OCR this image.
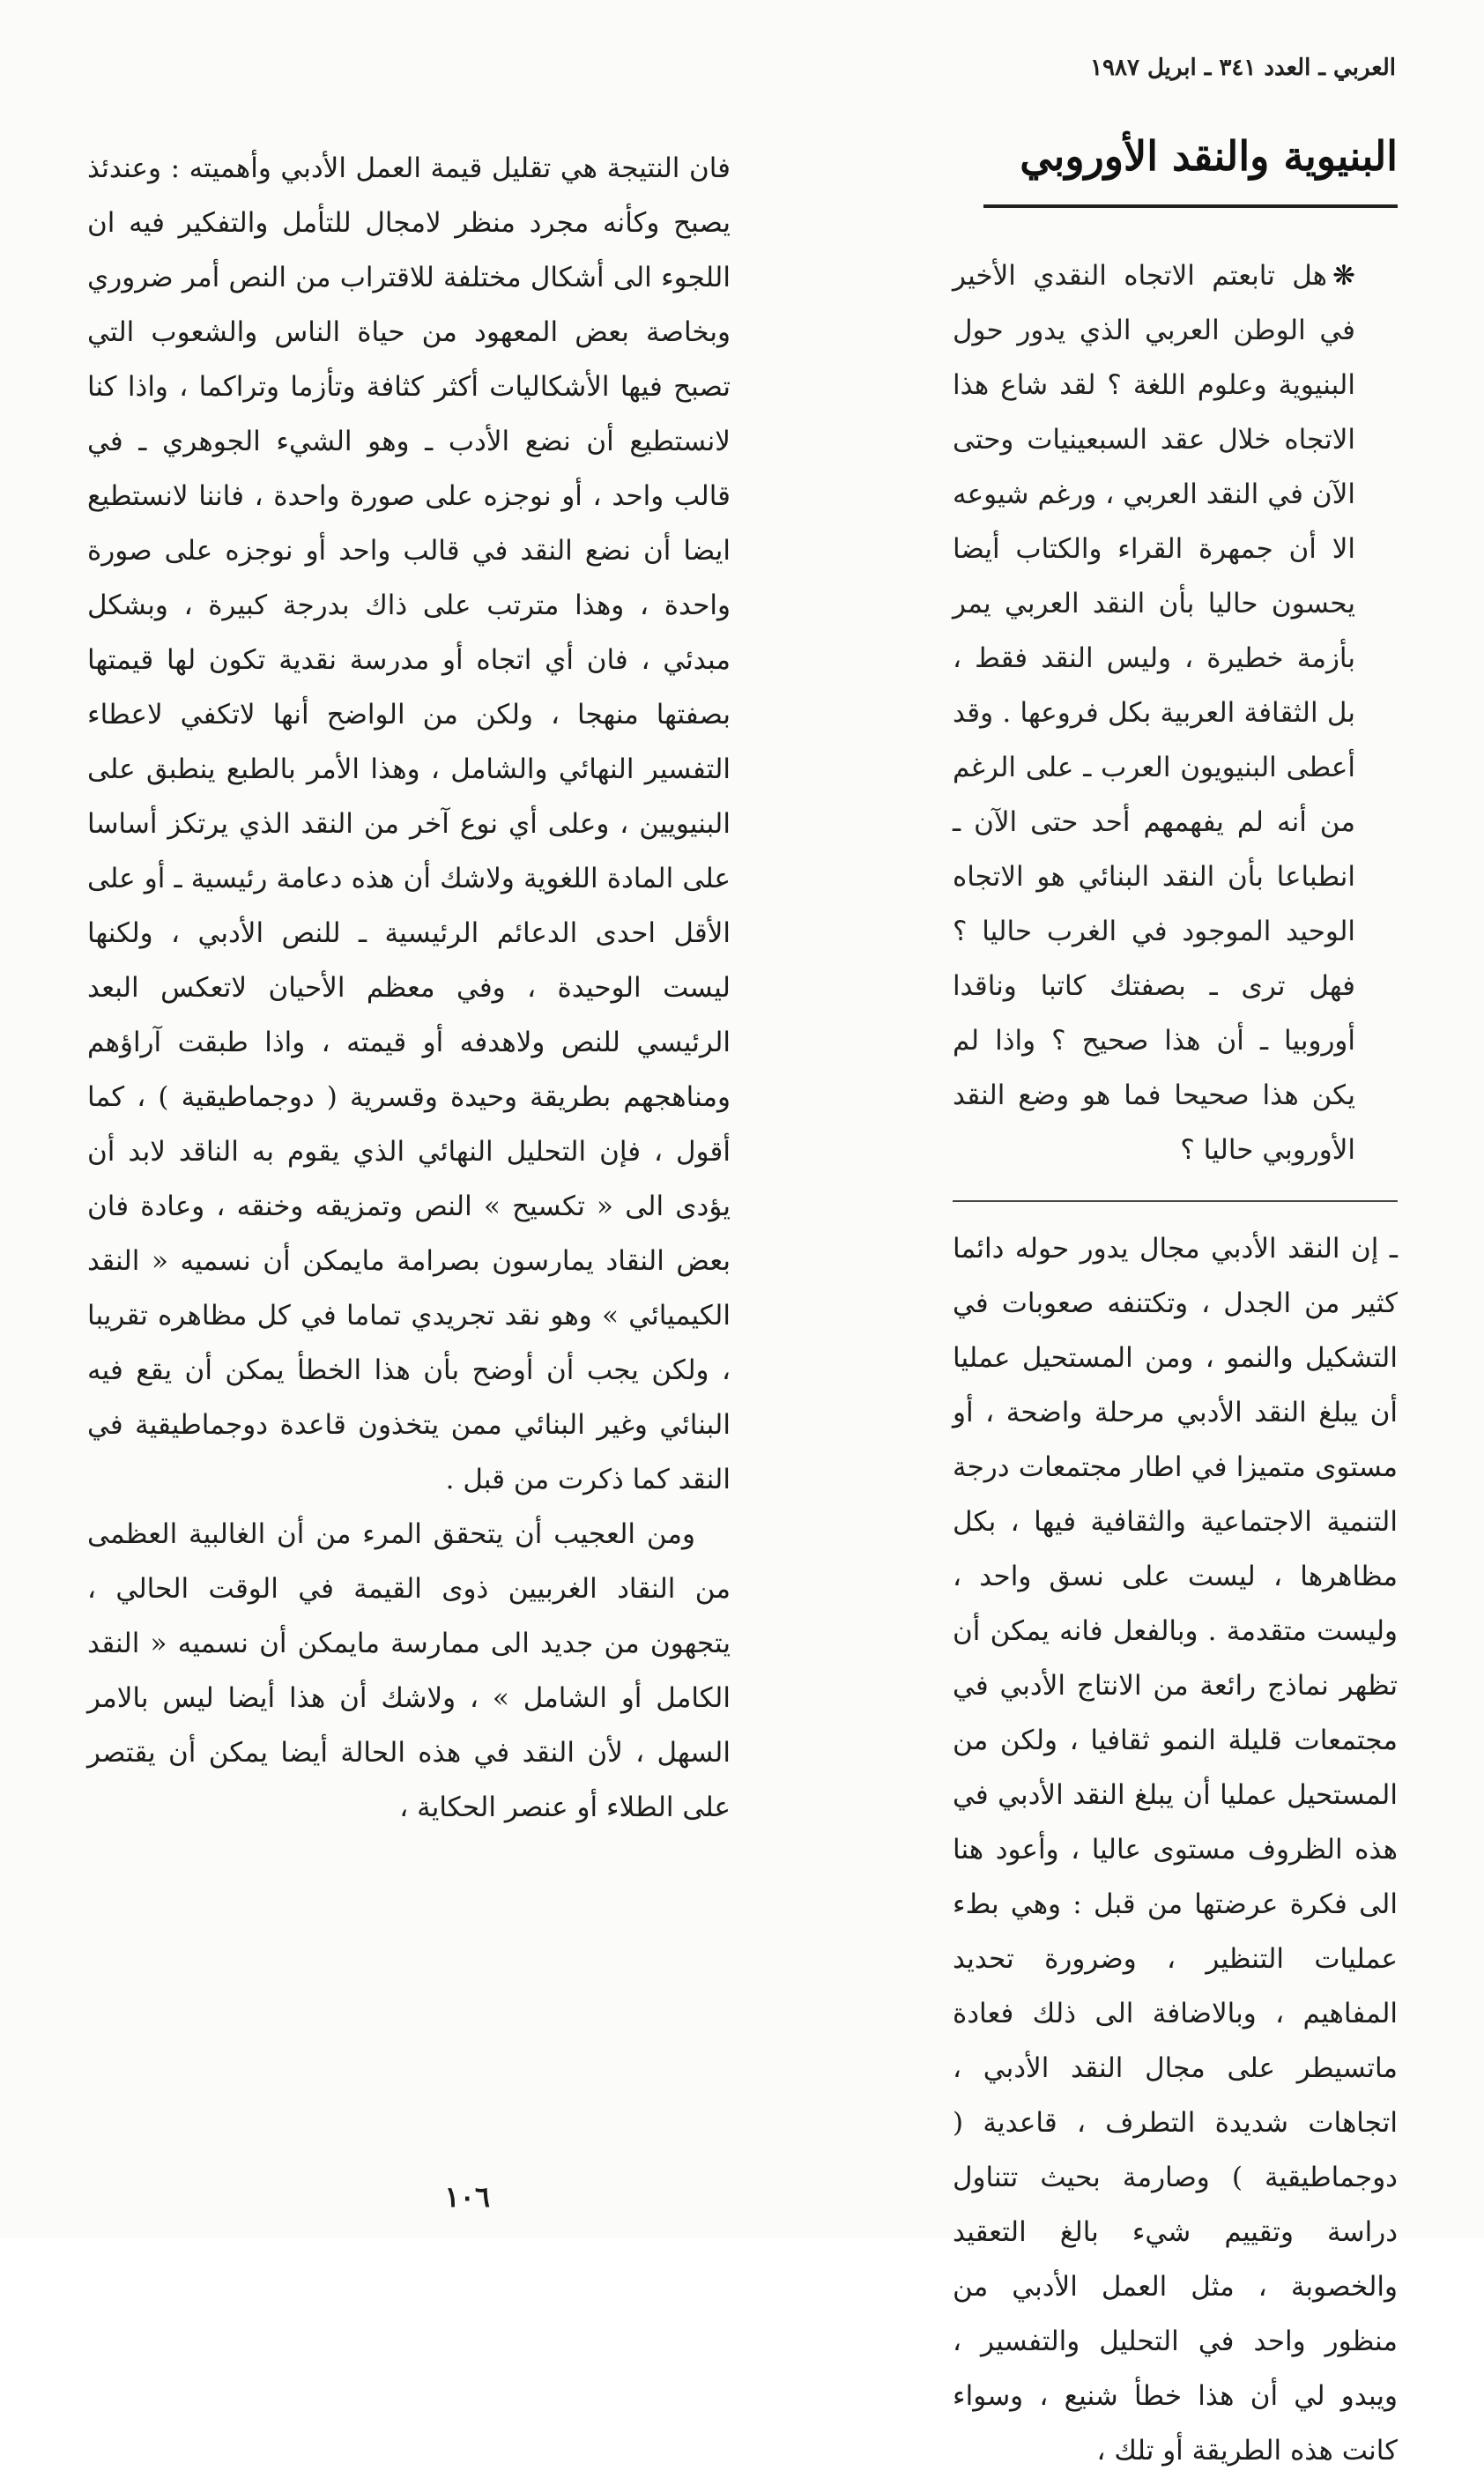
العربي ـ العدد ٣٤١ ـ ابريل ١٩٨٧
البنيوية والنقد الأوروبي

❋هل تابعتم الاتجاه النقدي الأخير في الوطن العربي الذي يدور حول البنيوية وعلوم اللغة ؟ لقد شاع هذا الاتجاه خلال عقد السبعينيات وحتى الآن في النقد العربي ، ورغم شيوعه الا أن جمهرة القراء والكتاب أيضا يحسون حاليا بأن النقد العربي يمر بأزمة خطيرة ، وليس النقد فقط ، بل الثقافة العربية بكل فروعها . وقد أعطى البنيويون العرب ـ على الرغم من أنه لم يفهمهم أحد حتى الآن ـ انطباعا بأن النقد البنائي هو الاتجاه الوحيد الموجود في الغرب حاليا ؟ فهل ترى ـ بصفتك كاتبا وناقدا أوروبيا ـ أن هذا صحيح ؟ واذا لم يكن هذا صحيحا فما هو وضع النقد الأوروبي حاليا ؟

ـ إن النقد الأدبي مجال يدور حوله دائما كثير من الجدل ، وتكتنفه صعوبات في التشكيل والنمو ، ومن المستحيل عمليا أن يبلغ النقد الأدبي مرحلة واضحة ، أو مستوى متميزا في اطار مجتمعات درجة التنمية الاجتماعية والثقافية فيها ، بكل مظاهرها ، ليست على نسق واحد ، وليست متقدمة . وبالفعل فانه يمكن أن تظهر نماذج رائعة من الانتاج الأدبي في مجتمعات قليلة النمو ثقافيا ، ولكن من المستحيل عمليا أن يبلغ النقد الأدبي في هذه الظروف مستوى عاليا ، وأعود هنا الى فكرة عرضتها من قبل : وهي بطء عمليات التنظير ، وضرورة تحديد المفاهيم ، وبالاضافة الى ذلك فعادة ماتسيطر على مجال النقد الأدبي ، اتجاهات شديدة التطرف ، قاعدية ( دوجماطيقية ) وصارمة بحيث تتناول دراسة وتقييم شيء بالغ التعقيد والخصوبة ، مثل العمل الأدبي من منظور واحد في التحليل والتفسير ، ويبدو لي أن هذا خطأ شنيع ، وسواء كانت هذه الطريقة أو تلك ،

فان النتيجة هي تقليل قيمة العمل الأدبي وأهميته : وعندئذ يصبح وكأنه مجرد منظر لامجال للتأمل والتفكير فيه ان اللجوء الى أشكال مختلفة للاقتراب من النص أمر ضروري وبخاصة بعض المعهود من حياة الناس والشعوب التي تصبح فيها الأشكاليات أكثر كثافة وتأزما وتراكما ، واذا كنا لانستطيع أن نضع الأدب ـ وهو الشيء الجوهري ـ في قالب واحد ، أو نوجزه على صورة واحدة ، فاننا لانستطيع ايضا أن نضع النقد في قالب واحد أو نوجزه على صورة واحدة ، وهذا مترتب على ذاك بدرجة كبيرة ، وبشكل مبدئي ، فان أي اتجاه أو مدرسة نقدية تكون لها قيمتها بصفتها منهجا ، ولكن من الواضح أنها لاتكفي لاعطاء التفسير النهائي والشامل ، وهذا الأمر بالطبع ينطبق على البنيويين ، وعلى أي نوع آخر من النقد الذي يرتكز أساسا على المادة اللغوية ولاشك أن هذه دعامة رئيسية ـ أو على الأقل احدى الدعائم الرئيسية ـ للنص الأدبي ، ولكنها ليست الوحيدة ، وفي معظم الأحيان لاتعكس البعد الرئيسي للنص ولاهدفه أو قيمته ، واذا طبقت آراؤهم ومناهجهم بطريقة وحيدة وقسرية ( دوجماطيقية ) ، كما أقول ، فإن التحليل النهائي الذي يقوم به الناقد لابد أن يؤدى الى « تكسيح » النص وتمزيقه وخنقه ، وعادة فان بعض النقاد يمارسون بصرامة مايمكن أن نسميه « النقد الكيميائي » وهو نقد تجريدي تماما في كل مظاهره تقريبا ، ولكن يجب أن أوضح بأن هذا الخطأ يمكن أن يقع فيه البنائي وغير البنائي ممن يتخذون قاعدة دوجماطيقية في النقد كما ذكرت من قبل .

ومن العجيب أن يتحقق المرء من أن الغالبية العظمى من النقاد الغربيين ذوى القيمة في الوقت الحالي ، يتجهون من جديد الى ممارسة مايمكن أن نسميه « النقد الكامل أو الشامل » ، ولاشك أن هذا أيضا ليس بالامر السهل ، لأن النقد في هذه الحالة أيضا يمكن أن يقتصر على الطلاء أو عنصر الحكاية ،

١٠٦
